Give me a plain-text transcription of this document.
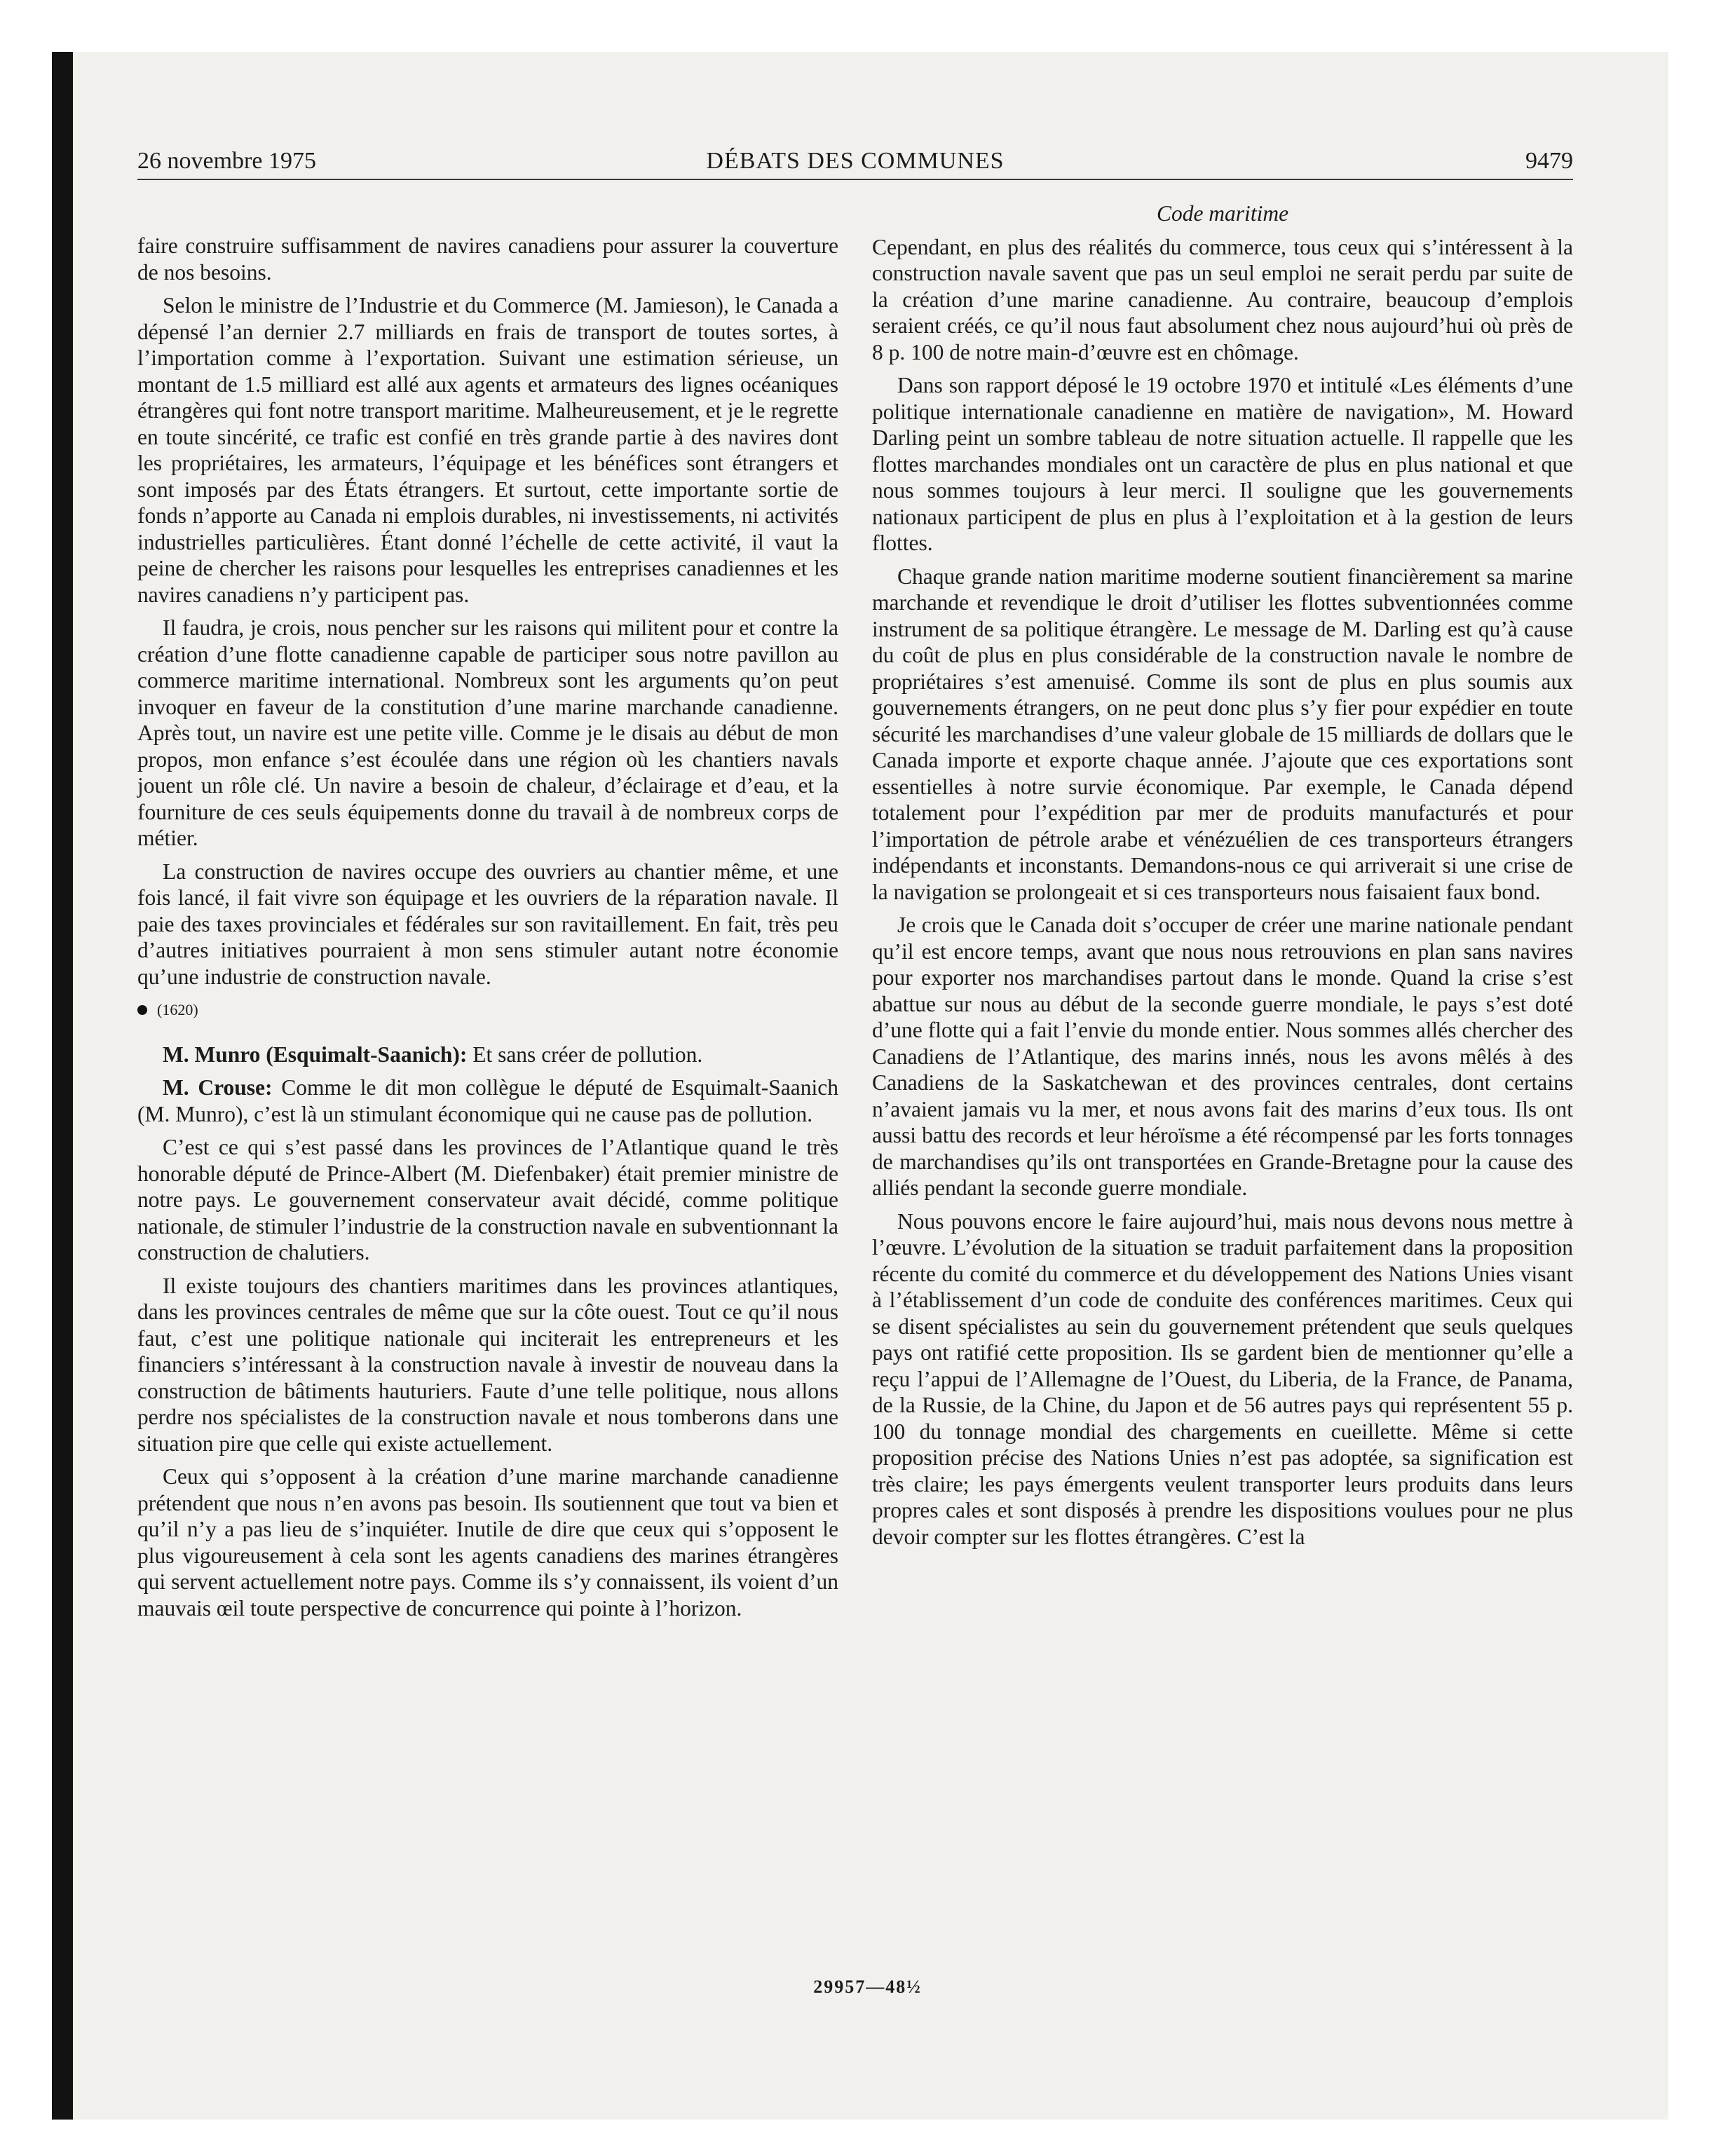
26 novembre 1975	DÉBATS DES COMMUNES	9479

faire construire suffisamment de navires canadiens pour assurer la couverture de nos besoins.

Selon le ministre de l’Industrie et du Commerce (M. Jamieson), le Canada a dépensé l’an dernier 2.7 milliards en frais de transport de toutes sortes, à l’importation comme à l’exportation. Suivant une estimation sérieuse, un montant de 1.5 milliard est allé aux agents et armateurs des lignes océaniques étrangères qui font notre transport maritime. Malheureusement, et je le regrette en toute sincérité, ce trafic est confié en très grande partie à des navires dont les propriétaires, les armateurs, l’équipage et les bénéfices sont étrangers et sont imposés par des États étrangers. Et surtout, cette importante sortie de fonds n’apporte au Canada ni emplois durables, ni investissements, ni activités industrielles particulières. Étant donné l’échelle de cette activité, il vaut la peine de chercher les raisons pour lesquelles les entreprises canadiennes et les navires canadiens n’y participent pas.

Il faudra, je crois, nous pencher sur les raisons qui militent pour et contre la création d’une flotte canadienne capable de participer sous notre pavillon au commerce maritime international. Nombreux sont les arguments qu’on peut invoquer en faveur de la constitution d’une marine marchande canadienne. Après tout, un navire est une petite ville. Comme je le disais au début de mon propos, mon enfance s’est écoulée dans une région où les chantiers navals jouent un rôle clé. Un navire a besoin de chaleur, d’éclairage et d’eau, et la fourniture de ces seuls équipements donne du travail à de nombreux corps de métier.

La construction de navires occupe des ouvriers au chantier même, et une fois lancé, il fait vivre son équipage et les ouvriers de la réparation navale. Il paie des taxes provinciales et fédérales sur son ravitaillement. En fait, très peu d’autres initiatives pourraient à mon sens stimuler autant notre économie qu’une industrie de construction navale.

(1620)

M. Munro (Esquimalt-Saanich): Et sans créer de pollution.

M. Crouse: Comme le dit mon collègue le député de Esquimalt-Saanich (M. Munro), c’est là un stimulant économique qui ne cause pas de pollution.

C’est ce qui s’est passé dans les provinces de l’Atlantique quand le très honorable député de Prince-Albert (M. Diefenbaker) était premier ministre de notre pays. Le gouvernement conservateur avait décidé, comme politique nationale, de stimuler l’industrie de la construction navale en subventionnant la construction de chalutiers.

Il existe toujours des chantiers maritimes dans les provinces atlantiques, dans les provinces centrales de même que sur la côte ouest. Tout ce qu’il nous faut, c’est une politique nationale qui inciterait les entrepreneurs et les financiers s’intéressant à la construction navale à investir de nouveau dans la construction de bâtiments hauturiers. Faute d’une telle politique, nous allons perdre nos spécialistes de la construction navale et nous tomberons dans une situation pire que celle qui existe actuellement.

Ceux qui s’opposent à la création d’une marine marchande canadienne prétendent que nous n’en avons pas besoin. Ils soutiennent que tout va bien et qu’il n’y a pas lieu de s’inquiéter. Inutile de dire que ceux qui s’opposent le plus vigoureusement à cela sont les agents canadiens des marines étrangères qui servent actuellement notre pays. Comme ils s’y connaissent, ils voient d’un mauvais œil toute perspective de concurrence qui pointe à l’horizon.

Code maritime

Cependant, en plus des réalités du commerce, tous ceux qui s’intéressent à la construction navale savent que pas un seul emploi ne serait perdu par suite de la création d’une marine canadienne. Au contraire, beaucoup d’emplois seraient créés, ce qu’il nous faut absolument chez nous aujourd’hui où près de 8 p. 100 de notre main-d’œuvre est en chômage.

Dans son rapport déposé le 19 octobre 1970 et intitulé «Les éléments d’une politique internationale canadienne en matière de navigation», M. Howard Darling peint un sombre tableau de notre situation actuelle. Il rappelle que les flottes marchandes mondiales ont un caractère de plus en plus national et que nous sommes toujours à leur merci. Il souligne que les gouvernements nationaux participent de plus en plus à l’exploitation et à la gestion de leurs flottes.

Chaque grande nation maritime moderne soutient financièrement sa marine marchande et revendique le droit d’utiliser les flottes subventionnées comme instrument de sa politique étrangère. Le message de M. Darling est qu’à cause du coût de plus en plus considérable de la construction navale le nombre de propriétaires s’est amenuisé. Comme ils sont de plus en plus soumis aux gouvernements étrangers, on ne peut donc plus s’y fier pour expédier en toute sécurité les marchandises d’une valeur globale de 15 milliards de dollars que le Canada importe et exporte chaque année. J’ajoute que ces exportations sont essentielles à notre survie économique. Par exemple, le Canada dépend totalement pour l’expédition par mer de produits manufacturés et pour l’importation de pétrole arabe et vénézuélien de ces transporteurs étrangers indépendants et inconstants. Demandons-nous ce qui arriverait si une crise de la navigation se prolongeait et si ces transporteurs nous faisaient faux bond.

Je crois que le Canada doit s’occuper de créer une marine nationale pendant qu’il est encore temps, avant que nous nous retrouvions en plan sans navires pour exporter nos marchandises partout dans le monde. Quand la crise s’est abattue sur nous au début de la seconde guerre mondiale, le pays s’est doté d’une flotte qui a fait l’envie du monde entier. Nous sommes allés chercher des Canadiens de l’Atlantique, des marins innés, nous les avons mêlés à des Canadiens de la Saskatchewan et des provinces centrales, dont certains n’avaient jamais vu la mer, et nous avons fait des marins d’eux tous. Ils ont aussi battu des records et leur héroïsme a été récompensé par les forts tonnages de marchandises qu’ils ont transportées en Grande-Bretagne pour la cause des alliés pendant la seconde guerre mondiale.

Nous pouvons encore le faire aujourd’hui, mais nous devons nous mettre à l’œuvre. L’évolution de la situation se traduit parfaitement dans la proposition récente du comité du commerce et du développement des Nations Unies visant à l’établissement d’un code de conduite des conférences maritimes. Ceux qui se disent spécialistes au sein du gouvernement prétendent que seuls quelques pays ont ratifié cette proposition. Ils se gardent bien de mentionner qu’elle a reçu l’appui de l’Allemagne de l’Ouest, du Liberia, de la France, de Panama, de la Russie, de la Chine, du Japon et de 56 autres pays qui représentent 55 p. 100 du tonnage mondial des chargements en cueillette. Même si cette proposition précise des Nations Unies n’est pas adoptée, sa signification est très claire; les pays émergents veulent transporter leurs produits dans leurs propres cales et sont disposés à prendre les dispositions voulues pour ne plus devoir compter sur les flottes étrangères. C’est la

29957—48½
